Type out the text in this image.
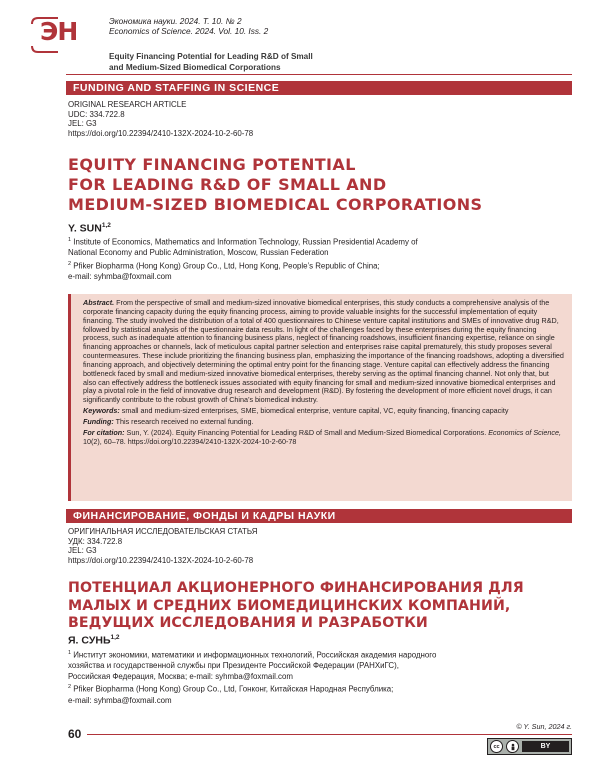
ЭН	Экономика науки. 2024. Т. 10. № 2
Economics of Science. 2024. Vol. 10. Iss. 2
Equity Financing Potential for Leading R&D of Small
and Medium-Sized Biomedical Corporations
FUNDING AND STAFFING IN SCIENCE
ORIGINAL RESEARCH ARTICLE
UDC: 334.722.8
JEL: G3
https://doi.org/10.22394/2410-132X-2024-10-2-60-78
EQUITY FINANCING POTENTIAL
FOR LEADING R&D OF SMALL AND
MEDIUM-SIZED BIOMEDICAL CORPORATIONS
Y. SUN$^{1,2}$
$^1$ Institute of Economics, Mathematics and Information Technology, Russian Presidential Academy of
National Economy and Public Administration, Moscow, Russian Federation
$^2$ Pfiker Biopharma (Hong Kong) Group Co., Ltd, Hong Kong, People’s Republic of China;
e-mail: syhmba@foxmail.com

Abstract. From the perspective of small and medium-sized innovative biomedical enterprises, this study conducts a comprehensive analysis of the corporate financing capacity during the equity financing process, aiming to provide valuable insights for the successful implementation of equity financing. The study involved the distribution of a total of 400 questionnaires to Chinese venture capital institutions and SMEs of innovative drug R&D, followed by statistical analysis of the questionnaire data results. In light of the challenges faced by these enterprises during the equity financing process, such as inadequate attention to financing business plans, neglect of financing roadshows, insufficient financing expertise, reliance on single financing approaches or channels, lack of meticulous capital partner selection and enterprises raise capital prematurely, this study proposes several countermeasures. These include prioritizing the financing business plan, emphasizing the importance of the financing roadshows, adopting a diversified financing approach, and objectively determining the optimal entry point for the financing stage. Venture capital can effectively address the financing bottleneck faced by small and medium-sized innovative biomedical enterprises, thereby serving as the optimal financing channel. Not only that, but also can effectively address the bottleneck issues associated with equity financing for small and medium-sized innovative biomedical enterprises and play a pivotal role in the field of innovative drug research and development (R&D). By fostering the development of more efficient novel drugs, it can significantly contribute to the robust growth of China’s biomedical industry.

Keywords: small and medium-sized enterprises, SME, biomedical enterprise, venture capital, VC, equity financing, financing capacity

Funding: This research received no external funding.

For citation: Sun, Y. (2024). Equity Financing Potential for Leading R&D of Small and Medium-Sized Biomedical Corporations. Economics of Science, 10(2), 60–78. https://doi.org/10.22394/2410-132X-2024-10-2-60-78

ФИНАНСИРОВАНИЕ, ФОНДЫ И КАДРЫ НАУКИ
ОРИГИНАЛЬНАЯ ИССЛЕДОВАТЕЛЬСКАЯ СТАТЬЯ
УДК: 334.722.8
JEL: G3
https://doi.org/10.22394/2410-132X-2024-10-2-60-78
ПОТЕНЦИАЛ АКЦИОНЕРНОГО ФИНАНСИРОВАНИЯ ДЛЯ
МАЛЫХ И СРЕДНИХ БИОМЕДИЦИНСКИХ КОМПАНИЙ,
ВЕДУЩИХ ИССЛЕДОВАНИЯ И РАЗРАБОТКИ
Я. СУНЬ$^{1,2}$
$^1$ Институт экономики, математики и информационных технологий, Российская академия народного
хозяйства и государственной службы при Президенте Российской Федерации (РАНХиГС),
Российская Федерация, Москва; e-mail: syhmba@foxmail.com
$^2$ Pfiker Biopharma (Hong Kong) Group Co., Ltd, Гонконг, Китайская Народная Республика;
e-mail: syhmba@foxmail.com
60
© Y. Sun, 2024 г.
cc	BY
